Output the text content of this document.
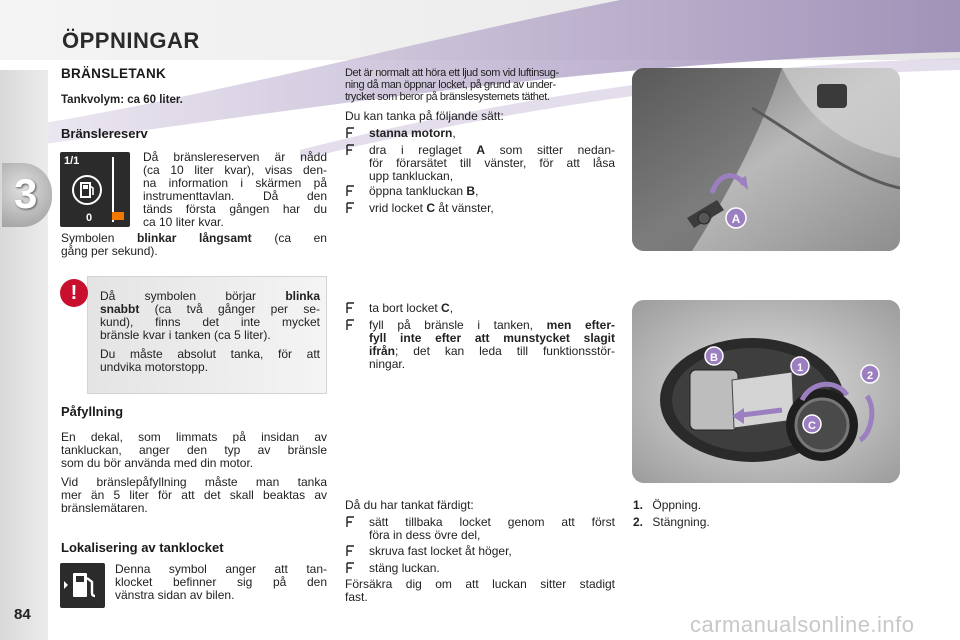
ÖPPNINGAR
3
84
BRÄNSLETANK
Tankvolym: ca 60 liter.
Bränslereserv
1/1
0
Då bränslereserven är nådd
(ca 10 liter kvar), visas den-
na information i skärmen på
instrumenttavlan. Då den
tänds första gången har du
ca 10 liter kvar.
Symbolen blinkar långsamt (ca en
gång per sekund).
!	Då symbolen börjar blinka
snabbt (ca två gånger per se-
kund), finns det inte mycket
bränsle kvar i tanken (ca 5 liter).
Du måste absolut tanka, för att
undvika motorstopp.
Påfyllning
En dekal, som limmats på insidan av
tankluckan, anger den typ av bränsle
som du bör använda med din motor.
Vid bränslepåfyllning måste man tanka
mer än 5 liter för att det skall beaktas av
bränslemätaren.
Lokalisering av tanklocket
Denna symbol anger att tan-
klocket befinner sig på den
vänstra sidan av bilen.
Det är normalt att höra ett ljud som vid luftinsug-
ning då man öppnar locket, på grund av under-
trycket som beror på bränslesystemets täthet.
Du kan tanka på följande sätt:
stanna motorn,
dra i reglaget A som sitter nedan-
för förarsätet till vänster, för att låsa
upp tankluckan,
öppna tankluckan B,
vrid locket C åt vänster,
ta bort locket C,
fyll på bränsle i tanken, men efter-
fyll inte efter att munstycket slagit
ifrån; det kan leda till funktionsstör-
ningar.
A
B
1
2
C
Då du har tankat färdigt:
sätt tillbaka locket genom att först
föra in dess övre del,
skruva fast locket åt höger,
stäng luckan.
Försäkra dig om att luckan sitter stadigt
fast.
1. Öppning.
2. Stängning.
carmanualsonline.info
